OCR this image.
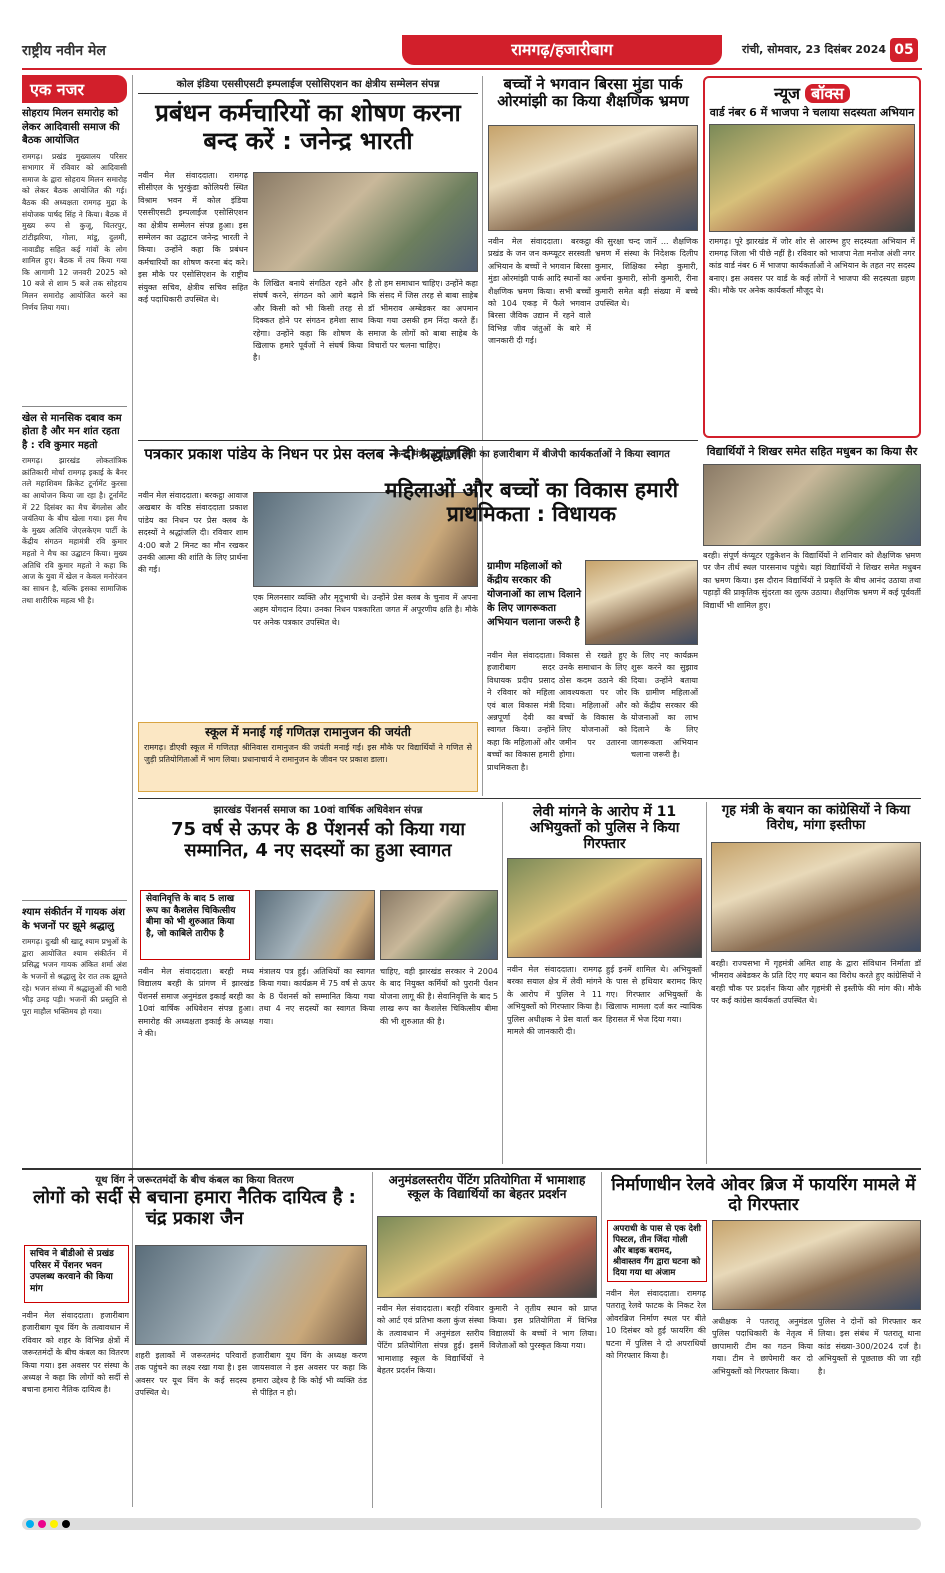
राष्ट्रीय नवीन मेल	रामगढ़/हजारीबाग	रांची, सोमवार, 23 दिसंबर 2024 05
एक नजर
सोहराय मिलन समारोह को लेकर आदिवासी समाज की बैठक आयोजित
रामगढ़। प्रखंड मुख्यालय परिसर सभागार में रविवार को आदिवासी समाज के द्वारा सोहराय मिलन समारोह को लेकर बैठक आयोजित की गई। बैठक की अध्यक्षता रामगढ़ मुद्रा के संयोजक पार्षद सिंह ने किया। बैठक में मुख्य रूप से कुजू, चितरपुर, टांटीझरिया, गोला, मांडू, दुलमी, नावाडीह सहित कई गांवों के लोग शामिल हुए। बैठक में तय किया गया कि आगामी 12 जनवरी 2025 को 10 बजे से शाम 5 बजे तक सोहराय मिलन समारोह आयोजित करने का निर्णय लिया गया।
खेल से मानसिक दबाव कम होता है और मन शांत रहता है : रवि कुमार महतो
रामगढ़। झारखंड लोकतांत्रिक क्रांतिकारी मोर्चा रामगढ़ इकाई के बैनर तले महाशिवम क्रिकेट टूर्नामेंट कुरसा का आयोजन किया जा रहा है। टूर्नामेंट में 22 दिसंबर का मैच बेंगलोस और जयंतिया के बीच खेला गया। इस मैच के मुख्य अतिथि जेएलकेएम पार्टी के केंद्रीय संगठन महामंत्री रवि कुमार महतो ने मैच का उद्घाटन किया। मुख्य अतिथि रवि कुमार महतो ने कहा कि आज के युवा में खेल न केवल मनोरंजन का साधन है, बल्कि इसका सामाजिक तथा शारीरिक महत्व भी है।
श्याम संकीर्तन में गायक अंश के भजनों पर झूमे श्रद्धालु
रामगढ़। दुःखी श्री खाटू श्याम प्रभुओं के द्वारा आयोजित श्याम संकीर्तन में प्रसिद्ध भजन गायक अंकित शर्मा अंश के भजनों से श्रद्धालु देर रात तक झूमते रहे। भजन संध्या में श्रद्धालुओं की भारी भीड़ उमड़ पड़ी। भजनों की प्रस्तुति से पूरा माहौल भक्तिमय हो गया।
कोल इंडिया एससीएसटी इम्पलाईज एसोसिएशन का क्षेत्रीय सम्मेलन संपन्न
प्रबंधन कर्मचारियों का शोषण करना बन्द करें : जनेन्द्र भारती
नवीन मेल संवाददाता। रामगढ़ सीसीएल के भुरकुंडा कोलियरी स्थित विश्राम भवन में कोल इंडिया एससीएसटी इम्पलाईज एसोसिएशन का क्षेत्रीय सम्मेलन संपन्न हुआ। इस सम्मेलन का उद्घाटन जनेन्द्र भारती ने किया। उन्होंने कहा कि प्रबंधन कर्मचारियों का शोषण करना बंद करे। इस मौके पर एसोसिएशन के राष्ट्रीय संयुक्त सचिव, क्षेत्रीय सचिव सहित कई पदाधिकारी उपस्थित थे।
के लिखित बनाये संगठित रहने और संघर्ष करने, संगठन को आगे बढ़ाने और किसी को भी किसी तरह से दिक्कत होने पर संगठन हमेशा साथ रहेगा। उन्होंने कहा कि शोषण के खिलाफ हमारे पूर्वजों ने संघर्ष किया है।
है तो हम समाधान चाहिए। उन्होंने कहा कि संसद में जिस तरह से बाबा साहेब डॉ भीमराव अम्बेडकर का अपमान किया गया उसकी हम निंदा करते हैं। समाज के लोगों को बाबा साहेब के विचारों पर चलना चाहिए।
बच्चों ने भगवान बिरसा मुंडा पार्क ओरमांझी का किया शैक्षणिक भ्रमण
नवीन मेल संवाददाता। बरकट्ठा प्रखंड के जन जन कम्प्यूटर सरस्वती अभियान के बच्चों ने भगवान बिरसा मुंडा ओरमांझी पार्क आदि स्थानों का शैक्षणिक भ्रमण किया। सभी बच्चों को 104 एकड़ में फैले भगवान बिरसा जैविक उद्यान में रहने वाले विभिन्न जीव जंतुओं के बारे में जानकारी दी गई।
की सुरक्षा चन्द जानें ... शैक्षणिक भ्रमण में संस्था के निदेशक दिलीप कुमार, शिक्षिका स्नेहा कुमारी, अर्चना कुमारी, सोनी कुमारी, रीना कुमारी समेत बड़ी संख्या में बच्चे उपस्थित थे।
न्यूज बॉक्स
वार्ड नंबर 6 में भाजपा ने चलाया सदस्यता अभियान
रामगढ़। पूरे झारखंड में जोर शोर से आरम्भ हुए सदस्यता अभियान में रामगढ़ जिला भी पीछे नहीं है। रविवार को भाजपा नेता मनोज अंशी नगर कांड वार्ड नंबर 6 में भाजपा कार्यकर्ताओं ने अभियान के तहत नए सदस्य बनाए। इस अवसर पर वार्ड के कई लोगों ने भाजपा की सदस्यता ग्रहण की। मौके पर अनेक कार्यकर्ता मौजूद थे।
पत्रकार प्रकाश पांडेय के निधन पर प्रेस क्लब ने दी श्रद्धांजलि
नवीन मेल संवाददाता। बरकट्ठा आवाज अखबार के वरिष्ठ संवाददाता प्रकाश पांडेय का निधन पर प्रेस क्लब के सदस्यों ने श्रद्धांजलि दी। रविवार शाम 4:00 बजे 2 मिनट का मौन रखकर उनकी आत्मा की शांति के लिए प्रार्थना की गई।
एक मिलनसार व्यक्ति और मृदुभाषी थे। उन्होंने प्रेस क्लब के चुनाव में अपना अहम योगदान दिया। उनका निधन पत्रकारिता जगत में अपूरणीय क्षति है। मौके पर अनेक पत्रकार उपस्थित थे।
स्कूल में मनाई गई गणितज्ञ रामानुजन की जयंती
रामगढ़। डीएवी स्कूल में गणितज्ञ श्रीनिवास रामानुजन की जयंती मनाई गई। इस मौके पर विद्यार्थियों ने गणित से जुड़ी प्रतियोगिताओं में भाग लिया। प्रधानाचार्य ने रामानुजन के जीवन पर प्रकाश डाला।
केन्द्र मंत्री अन्नपूर्णा देवी का हजारीबाग में बीजेपी कार्यकर्ताओं ने किया स्वागत
महिलाओं और बच्चों का विकास हमारी प्राथमिकता : विधायक
ग्रामीण महिलाओं को केंद्रीय सरकार की योजनाओं का लाभ दिलाने के लिए जागरूकता अभियान चलाना जरूरी है
नवीन मेल संवाददाता। हजारीबाग सदर विधायक प्रदीप प्रसाद ने रविवार को महिला एवं बाल विकास मंत्री अन्नपूर्णा देवी का स्वागत किया। उन्होंने कहा कि महिलाओं और बच्चों का विकास हमारी प्राथमिकता है।
विकास से रखते हुए उनके समाधान के लिए ठोस कदम उठाने की आवश्यकता पर जोर दिया। महिलाओं और बच्चों के विकास के लिए योजनाओं को जमीन पर उतारना होगा।
के लिए नए कार्यक्रम शुरू करने का सुझाव दिया। उन्होंने बताया कि ग्रामीण महिलाओं को केंद्रीय सरकार की योजनाओं का लाभ दिलाने के लिए जागरूकता अभियान चलाना जरूरी है।
विद्यार्थियों ने शिखर समेत सहित मधुबन का किया सैर
बरही। संपूर्ण कंप्यूटर एडुकेशन के विद्यार्थियों ने शनिवार को शैक्षणिक भ्रमण पर जैन तीर्थ स्थल पारसनाथ पहुंचे। यहां विद्यार्थियों ने शिखर समेत मधुबन का भ्रमण किया। इस दौरान विद्यार्थियों ने प्रकृति के बीच आनंद उठाया तथा पहाड़ों की प्राकृतिक सुंदरता का लुत्फ उठाया। शैक्षणिक भ्रमण में कई पूर्ववर्ती विद्यार्थी भी शामिल हुए।
झारखंड पेंशनर्स समाज का 10वां वार्षिक अधिवेशन संपन्न
75 वर्ष से ऊपर के 8 पेंशनर्स को किया गया सम्मानित, 4 नए सदस्यों का हुआ स्वागत
सेवानिवृत्ति के बाद 5 लाख रूप का कैशलेस चिकित्सीय बीमा को भी शुरुआत किया है, जो काबिले तारीफ है
नवीन मेल संवाददाता। बरही मध्य विद्यालय बरही के प्रांगण में झारखंड पेंशनर्स समाज अनुमंडल इकाई बरही का 10वां वार्षिक अधिवेशन संपन्न हुआ। समारोह की अध्यक्षता इकाई के अध्यक्ष ने की।
मंत्रालय पत्र हुई। अतिथियों का स्वागत किया गया। कार्यक्रम में 75 वर्ष से ऊपर के 8 पेंशनर्स को सम्मानित किया गया तथा 4 नए सदस्यों का स्वागत किया गया।
चाहिए, वही झारखंड सरकार ने 2004 के बाद नियुक्त कर्मियों को पुरानी पेंशन योजना लागू की है। सेवानिवृत्ति के बाद 5 लाख रूप का कैशलेस चिकित्सीय बीमा की भी शुरुआत की है।
लेवी मांगने के आरोप में 11 अभियुक्तों को पुलिस ने किया गिरफ्तार
नवीन मेल संवाददाता। रामगढ़ बरका सयाल क्षेत्र में लेवी मांगने के आरोप में पुलिस ने 11 अभियुक्तों को गिरफ्तार किया है। पुलिस अधीक्षक ने प्रेस वार्ता कर मामले की जानकारी दी।
हुई इनमें शामिल थे। अभियुक्तों के पास से हथियार बरामद किए गए। गिरफ्तार अभियुक्तों के खिलाफ मामला दर्ज कर न्यायिक हिरासत में भेज दिया गया।
गृह मंत्री के बयान का कांग्रेसियों ने किया विरोध, मांगा इस्तीफा
बरही। राज्यसभा में गृहमंत्री अमित शाह के द्वारा संविधान निर्माता डॉ भीमराव अंबेडकर के प्रति दिए गए बयान का विरोध करते हुए कांग्रेसियों ने बरही चौक पर प्रदर्शन किया और गृहमंत्री से इस्तीफे की मांग की। मौके पर कई कांग्रेस कार्यकर्ता उपस्थित थे।
यूथ विंग ने जरूरतमंदों के बीच कंबल का किया वितरण
लोगों को सर्दी से बचाना हमारा नैतिक दायित्व है : चंद्र प्रकाश जैन
सचिव ने बीडीओ से प्रखंड परिसर में पेंशनर भवन उपलब्ध करवाने की किया मांग
नवीन मेल संवाददाता। हजारीबाग हजारीबाग यूथ विंग के तत्वावधान में रविवार को शहर के विभिन्न क्षेत्रों में जरूरतमंदों के बीच कंबल का वितरण किया गया। इस अवसर पर संस्था के अध्यक्ष ने कहा कि लोगों को सर्दी से बचाना हमारा नैतिक दायित्व है।
शहरी इलाकों में जरूरतमंद परिवारों तक पहुंचने का लक्ष्य रखा गया है। इस अवसर पर यूथ विंग के कई सदस्य उपस्थित थे।
हजारीबाग यूथ विंग के अध्यक्ष करण जायसवाल ने इस अवसर पर कहा कि हमारा उद्देश्य है कि कोई भी व्यक्ति ठंड से पीड़ित न हो।
अनुमंडलस्तरीय पेंटिंग प्रतियोगिता में भामाशाह स्कूल के विद्यार्थियों का बेहतर प्रदर्शन
नवीन मेल संवाददाता। बरही रविवार को आर्ट एवं प्रतिभा कला कुंज संस्था के तत्वावधान में अनुमंडल स्तरीय पेंटिंग प्रतियोगिता संपन्न हुई। इसमें भामाशाह स्कूल के विद्यार्थियों ने बेहतर प्रदर्शन किया।
कुमारी ने तृतीय स्थान को प्राप्त किया। इस प्रतियोगिता में विभिन्न विद्यालयों के बच्चों ने भाग लिया। विजेताओं को पुरस्कृत किया गया।
निर्माणाधीन रेलवे ओवर ब्रिज में फायरिंग मामले में दो गिरफ्तार
अपराधी के पास से एक देशी पिस्टल, तीन जिंदा गोली और बाइक बरामद, श्रीवास्तव गैंग द्वारा घटना को दिया गया था अंजाम
नवीन मेल संवाददाता। रामगढ़ पतरातू रेलवे फाटक के निकट रेल ओवरब्रिज निर्माण स्थल पर बीते 10 दिसंबर को हुई फायरिंग की घटना में पुलिस ने दो अपराधियों को गिरफ्तार किया है।
अधीक्षक ने पतरातू अनुमंडल पुलिस पदाधिकारी के नेतृत्व में छापामारी टीम का गठन किया गया। टीम ने छापेमारी कर दो अभियुक्तों को गिरफ्तार किया।
पुलिस ने दोनों को गिरफ्तार कर लिया। इस संबंध में पतरातू थाना कांड संख्या-300/2024 दर्ज है। अभियुक्तों से पूछताछ की जा रही है।
